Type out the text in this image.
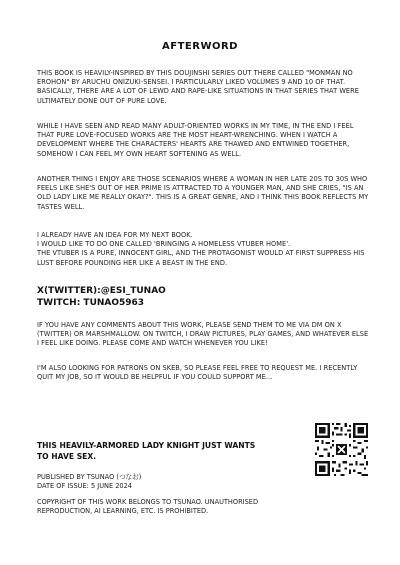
AFTERWORD

THIS BOOK IS HEAVILY-INSPIRED BY THIS DOUJINSHI SERIES OUT THERE CALLED "MONMAN NO EROHON" BY ARUCHU ONIZUKI-SENSEI. I PARTICULARLY LIKED VOLUMES 9 AND 10 OF THAT. BASICALLY, THERE ARE A LOT OF LEWD AND RAPE-LIKE SITUATIONS IN THAT SERIES THAT WERE ULTIMATELY DONE OUT OF PURE LOVE.

WHILE I HAVE SEEN AND READ MANY ADULT-ORIENTED WORKS IN MY TIME, IN THE END I FEEL THAT PURE LOVE-FOCUSED WORKS ARE THE MOST HEART-WRENCHING. WHEN I WATCH A DEVELOPMENT WHERE THE CHARACTERS' HEARTS ARE THAWED AND ENTWINED TOGETHER, SOMEHOW I CAN FEEL MY OWN HEART SOFTENING AS WELL.

ANOTHER THING I ENJOY ARE THOSE SCENARIOS WHERE A WOMAN IN HER LATE 20S TO 30S WHO FEELS LIKE SHE'S OUT OF HER PRIME IS ATTRACTED TO A YOUNGER MAN, AND SHE CRIES, "IS AN OLD LADY LIKE ME REALLY OKAY?". THIS IS A GREAT GENRE, AND I THINK THIS BOOK REFLECTS MY TASTES WELL.

I ALREADY HAVE AN IDEA FOR MY NEXT BOOK.
I WOULD LIKE TO DO ONE CALLED 'BRINGING A HOMELESS VTUBER HOME'.
THE VTUBER IS A PURE, INNOCENT GIRL, AND THE PROTAGONIST WOULD AT FIRST SUPPRESS HIS LUST BEFORE POUNDING HER LIKE A BEAST IN THE END.

X(TWITTER):@ESI_TUNAO

TWITCH: TUNAO5963

IF YOU HAVE ANY COMMENTS ABOUT THIS WORK, PLEASE SEND THEM TO ME VIA DM ON X (TWITTER) OR MARSHMALLOW. ON TWITCH, I DRAW PICTURES, PLAY GAMES, AND WHATEVER ELSE I FEEL LIKE DOING. PLEASE COME AND WATCH WHENEVER YOU LIKE!

I'M ALSO LOOKING FOR PATRONS ON SKEB, SO PLEASE FEEL FREE TO REQUEST ME. I RECENTLY QUIT MY JOB, SO IT WOULD BE HELPFUL IF YOU COULD SUPPORT ME...

THIS HEAVILY-ARMORED LADY KNIGHT JUST WANTS TO HAVE SEX.

PUBLISHED BY TSUNAO (つなお)

DATE OF ISSUE: 5 JUNE 2024

COPYRIGHT OF THIS WORK BELONGS TO TSUNAO. UNAUTHORISED REPRODUCTION, AI LEARNING, ETC. IS PROHIBITED.
